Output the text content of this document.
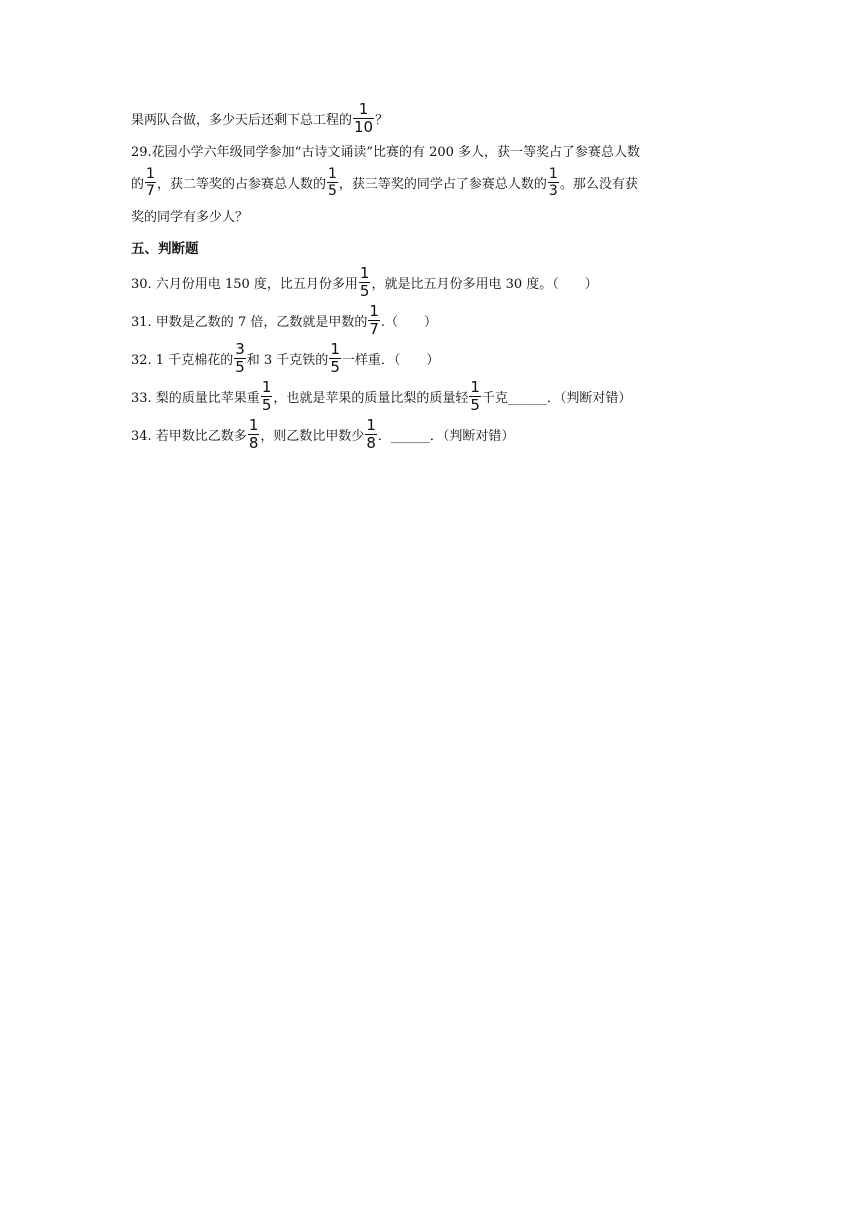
果两队合做，多少天后还剩下总工程的 $\frac{1}{10}$ ？
29.花园小学六年级同学参加“古诗文诵读”比赛的有 200 多人，获一等奖占了参赛总人数
的 $\frac{1}{7}$ ，获二等奖的占参赛总人数的 $\frac{1}{5}$ ，获三等奖的同学占了参赛总人数的 $\frac{1}{3}$ 。那么没有获
奖的同学有多少人？
五、判断题
30. 六月份用电 150 度，比五月份多用 $\frac{1}{5}$ ，就是比五月份多用电 30 度。（　　）
31. 甲数是乙数的 7 倍，乙数就是甲数的 $\frac{1}{7}$ .（　　）
32. 1 千克棉花的 $\frac{3}{5}$ 和 3 千克铁的 $\frac{1}{5}$ 一样重．（　　）
33. 梨的质量比苹果重 $\frac{1}{5}$ ，也就是苹果的质量比梨的质量轻 $\frac{1}{5}$ 千克______．（判断对错）
34. 若甲数比乙数多 $\frac{1}{8}$ ，则乙数比甲数少 $\frac{1}{8}$ ．______．（判断对错）
